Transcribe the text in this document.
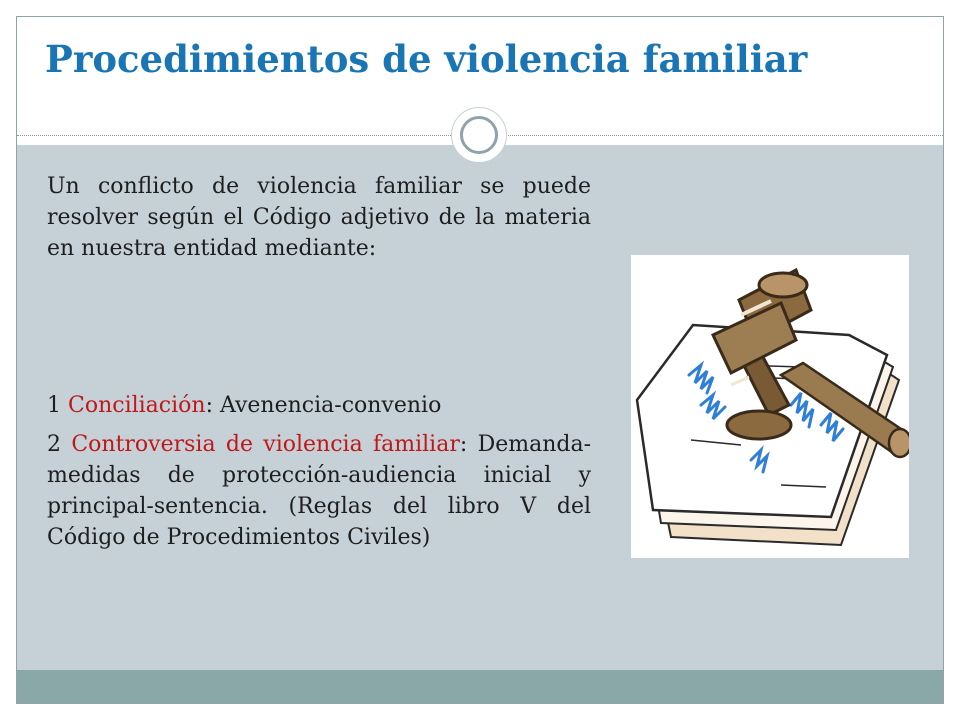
Procedimientos de violencia familiar

Un conflicto de violencia familiar se puede resolver según el Código adjetivo de la materia en nuestra entidad mediante:

1 Conciliación: Avenencia-convenio

2 Controversia de violencia familiar: Demanda-medidas de protección-audiencia inicial y principal-sentencia. (Reglas del libro V del Código de Procedimientos Civiles)
